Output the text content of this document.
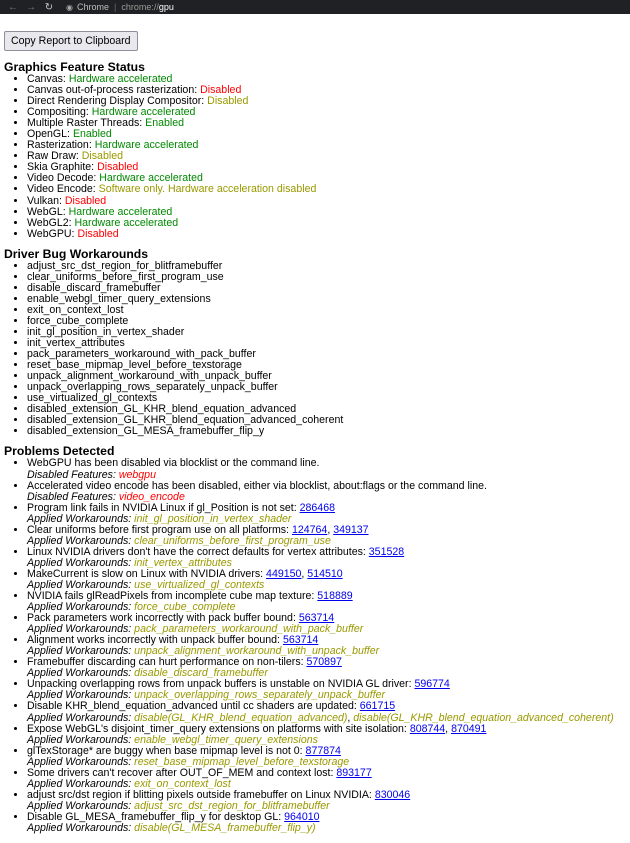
← → ↻	◉ Chrome | chrome:// gpu
Copy Report to Clipboard
Graphics Feature Status
• Canvas: Hardware accelerated
• Canvas out-of-process rasterization: Disabled
• Direct Rendering Display Compositor: Disabled
• Compositing: Hardware accelerated
• Multiple Raster Threads: Enabled
• OpenGL: Enabled
• Rasterization: Hardware accelerated
• Raw Draw: Disabled
• Skia Graphite: Disabled
• Video Decode: Hardware accelerated
• Video Encode: Software only. Hardware acceleration disabled
• Vulkan: Disabled
• WebGL: Hardware accelerated
• WebGL2: Hardware accelerated
• WebGPU: Disabled
Driver Bug Workarounds
• adjust_src_dst_region_for_blitframebuffer
• clear_uniforms_before_first_program_use
• disable_discard_framebuffer
• enable_webgl_timer_query_extensions
• exit_on_context_lost
• force_cube_complete
• init_gl_position_in_vertex_shader
• init_vertex_attributes
• pack_parameters_workaround_with_pack_buffer
• reset_base_mipmap_level_before_texstorage
• unpack_alignment_workaround_with_unpack_buffer
• unpack_overlapping_rows_separately_unpack_buffer
• use_virtualized_gl_contexts
• disabled_extension_GL_KHR_blend_equation_advanced
• disabled_extension_GL_KHR_blend_equation_advanced_coherent
• disabled_extension_GL_MESA_framebuffer_flip_y
Problems Detected
• WebGPU has been disabled via blocklist or the command line.
Disabled Features: webgpu
• Accelerated video encode has been disabled, either via blocklist, about:flags or the command line.
Disabled Features: video_encode
• Program link fails in NVIDIA Linux if gl_Position is not set: 286468
Applied Workarounds: init_gl_position_in_vertex_shader
• Clear uniforms before first program use on all platforms: 124764, 349137
Applied Workarounds: clear_uniforms_before_first_program_use
• Linux NVIDIA drivers don't have the correct defaults for vertex attributes: 351528
Applied Workarounds: init_vertex_attributes
• MakeCurrent is slow on Linux with NVIDIA drivers: 449150, 514510
Applied Workarounds: use_virtualized_gl_contexts
• NVIDIA fails glReadPixels from incomplete cube map texture: 518889
Applied Workarounds: force_cube_complete
• Pack parameters work incorrectly with pack buffer bound: 563714
Applied Workarounds: pack_parameters_workaround_with_pack_buffer
• Alignment works incorrectly with unpack buffer bound: 563714
Applied Workarounds: unpack_alignment_workaround_with_unpack_buffer
• Framebuffer discarding can hurt performance on non-tilers: 570897
Applied Workarounds: disable_discard_framebuffer
• Unpacking overlapping rows from unpack buffers is unstable on NVIDIA GL driver: 596774
Applied Workarounds: unpack_overlapping_rows_separately_unpack_buffer
• Disable KHR_blend_equation_advanced until cc shaders are updated: 661715
Applied Workarounds: disable(GL_KHR_blend_equation_advanced), disable(GL_KHR_blend_equation_advanced_coherent)
• Expose WebGL's disjoint_timer_query extensions on platforms with site isolation: 808744, 870491
Applied Workarounds: enable_webgl_timer_query_extensions
• glTexStorage* are buggy when base mipmap level is not 0: 877874
Applied Workarounds: reset_base_mipmap_level_before_texstorage
• Some drivers can't recover after OUT_OF_MEM and context lost: 893177
Applied Workarounds: exit_on_context_lost
• adjust src/dst region if blitting pixels outside framebuffer on Linux NVIDIA: 830046
Applied Workarounds: adjust_src_dst_region_for_blitframebuffer
• Disable GL_MESA_framebuffer_flip_y for desktop GL: 964010
Applied Workarounds: disable(GL_MESA_framebuffer_flip_y)
